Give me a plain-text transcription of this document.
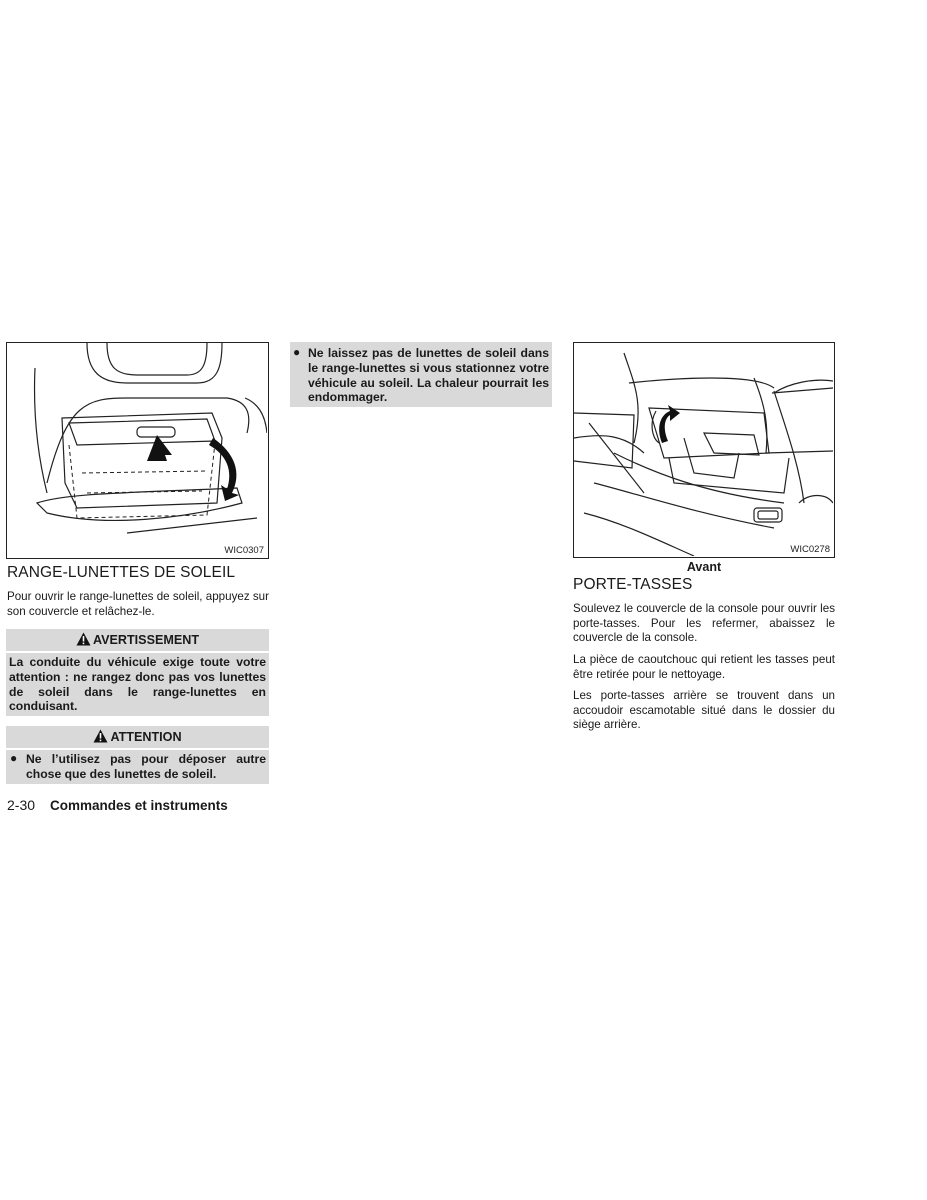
WIC0307
RANGE-LUNETTES DE SOLEIL

Pour ouvrir le range-lunettes de soleil, appuyez sur son couvercle et relâchez-le.

AVERTISSEMENT

La conduite du véhicule exige toute votre attention : ne rangez donc pas vos lunettes de soleil dans le range-lunettes en conduisant.

ATTENTION
● Ne l’utilisez pas pour déposer autre chose que des lunettes de soleil.

● Ne laissez pas de lunettes de soleil dans le range-lunettes si vous stationnez votre véhicule au soleil. La chaleur pourrait les endommager.

WIC0278
Avant
PORTE-TASSES

Soulevez le couvercle de la console pour ouvrir les porte-tasses. Pour les refermer, abaissez le couvercle de la console.

La pièce de caoutchouc qui retient les tasses peut être retirée pour le nettoyage.

Les porte-tasses arrière se trouvent dans un accoudoir escamotable situé dans le dossier du siège arrière.

2-30 Commandes et instruments
